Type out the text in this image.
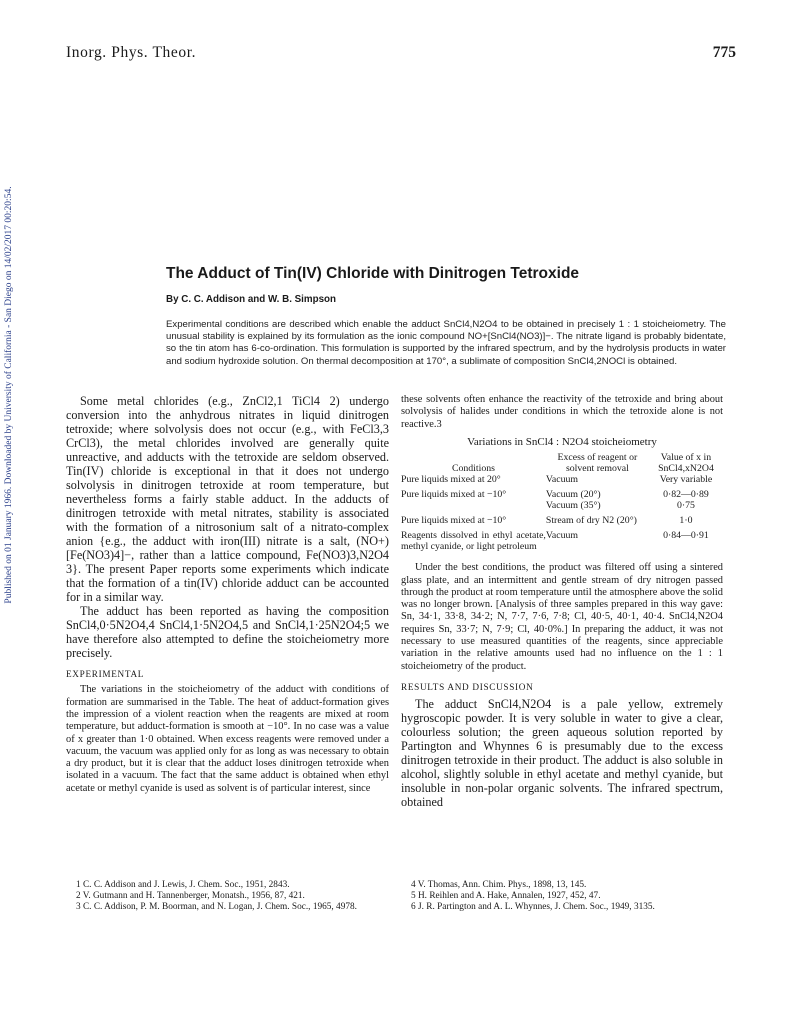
Inorg. Phys. Theor.	775
Published on 01 January 1966. Downloaded by University of California - San Diego on 14/02/2017 00:20:54.	The Adduct of Tin(IV) Chloride with Dinitrogen Tetroxide
By C. C. Addison and W. B. Simpson
Experimental conditions are described which enable the adduct SnCl4,N2O4 to be obtained in precisely 1 : 1 stoicheiometry. The unusual stability is explained by its formulation as the ionic compound NO+[SnCl4(NO3)]−. The nitrate ligand is probably bidentate, so the tin atom has 6-co-ordination. This formulation is supported by the infrared spectrum, and by the hydrolysis products in water and sodium hydroxide solution. On thermal decomposition at 170°, a sublimate of composition SnCl4,2NOCl is obtained.

Some metal chlorides (e.g., ZnCl2,1 TiCl4 2) undergo conversion into the anhydrous nitrates in liquid dinitrogen tetroxide; where solvolysis does not occur (e.g., with FeCl3,3 CrCl3), the metal chlorides involved are generally quite unreactive, and adducts with the tetroxide are seldom observed. Tin(IV) chloride is exceptional in that it does not undergo solvolysis in dinitrogen tetroxide at room temperature, but nevertheless forms a fairly stable adduct. In the adducts of dinitrogen tetroxide with metal nitrates, stability is associated with the formation of a nitrosonium salt of a nitrato-complex anion {e.g., the adduct with iron(III) nitrate is a salt, (NO+)[Fe(NO3)4]−, rather than a lattice compound, Fe(NO3)3,N2O4 3}. The present Paper reports some experiments which indicate that the formation of a tin(IV) chloride adduct can be accounted for in a similar way.

The adduct has been reported as having the composition SnCl4,0·5N2O4,4 SnCl4,1·5N2O4,5 and SnCl4,1·25N2O4;5 we have therefore also attempted to define the stoicheiometry more precisely.

EXPERIMENTAL

The variations in the stoicheiometry of the adduct with conditions of formation are summarised in the Table. The heat of adduct-formation gives the impression of a violent reaction when the reagents are mixed at room temperature, but adduct-formation is smooth at −10°. In no case was a value of x greater than 1·0 obtained. When excess reagents were removed under a vacuum, the vacuum was applied only for as long as was necessary to obtain a dry product, but it is clear that the adduct loses dinitrogen tetroxide when isolated in a vacuum. The fact that the same adduct is obtained when ethyl acetate or methyl cyanide is used as solvent is of particular interest, since

these solvents often enhance the reactivity of the tetroxide and bring about solvolysis of halides under conditions in which the tetroxide alone is not reactive.3

Variations in SnCl4 : N2O4 stoicheiometry
Conditions	Excess of reagent or solvent removal	Value of x in SnCl4,xN2O4
Pure liquids mixed at 20°	Vacuum	Very variable
Pure liquids mixed at −10°	Vacuum (20°)	0·82—0·89
	Vacuum (35°)	0·75
Pure liquids mixed at −10°	Stream of dry N2 (20°)	1·0
Reagents dissolved in ethyl acetate, methyl cyanide, or light petroleum	Vacuum	0·84—0·91

Under the best conditions, the product was filtered off using a sintered glass plate, and an intermittent and gentle stream of dry nitrogen passed through the product at room temperature until the atmosphere above the solid was no longer brown. [Analysis of three samples prepared in this way gave: Sn, 34·1, 33·8, 34·2; N, 7·7, 7·6, 7·8; Cl, 40·5, 40·1, 40·4. SnCl4,N2O4 requires Sn, 33·7; N, 7·9; Cl, 40·0%.] In preparing the adduct, it was not necessary to use measured quantities of the reagents, since appreciable variation in the relative amounts used had no influence on the 1 : 1 stoicheiometry of the product.

RESULTS AND DISCUSSION

The adduct SnCl4,N2O4 is a pale yellow, extremely hygroscopic powder. It is very soluble in water to give a clear, colourless solution; the green aqueous solution reported by Partington and Whynnes 6 is presumably due to the excess dinitrogen tetroxide in their product. The adduct is also soluble in alcohol, slightly soluble in ethyl acetate and methyl cyanide, but insoluble in non-polar organic solvents. The infrared spectrum, obtained

1 C. C. Addison and J. Lewis, J. Chem. Soc., 1951, 2843.
2 V. Gutmann and H. Tannenberger, Monatsh., 1956, 87, 421.
3 C. C. Addison, P. M. Boorman, and N. Logan, J. Chem. Soc., 1965, 4978.
4 V. Thomas, Ann. Chim. Phys., 1898, 13, 145.
5 H. Reihlen and A. Hake, Annalen, 1927, 452, 47.
6 J. R. Partington and A. L. Whynnes, J. Chem. Soc., 1949, 3135.
